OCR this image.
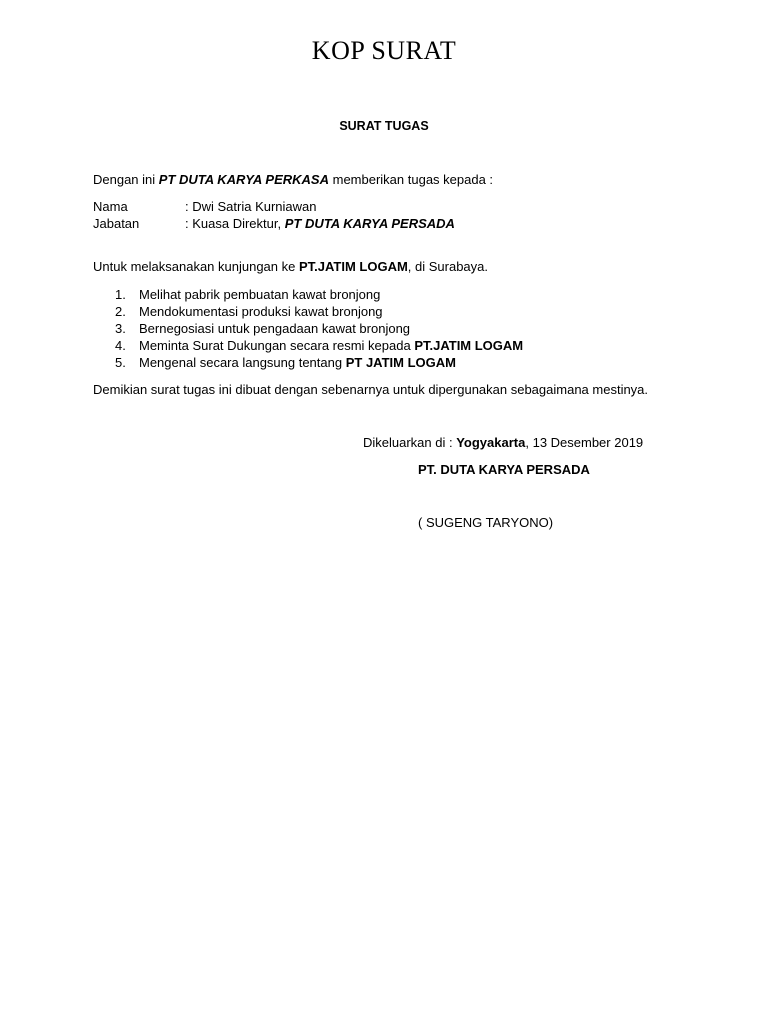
KOP SURAT
SURAT TUGAS
Dengan ini PT DUTA KARYA PERKASA memberikan tugas kepada :
Nama	: Dwi Satria Kurniawan
Jabatan	: Kuasa Direktur, PT DUTA KARYA PERSADA
Untuk melaksanakan kunjungan ke PT.JATIM LOGAM, di Surabaya.
1. Melihat pabrik pembuatan kawat bronjong
2. Mendokumentasi produksi kawat bronjong
3. Bernegosiasi untuk pengadaan kawat bronjong
4. Meminta Surat Dukungan secara resmi kepada PT.JATIM LOGAM
5. Mengenal secara langsung tentang PT JATIM LOGAM
Demikian surat tugas ini dibuat dengan sebenarnya untuk dipergunakan sebagaimana mestinya.
Dikeluarkan di : Yogyakarta, 13 Desember 2019
PT. DUTA KARYA PERSADA
( SUGENG TARYONO)
